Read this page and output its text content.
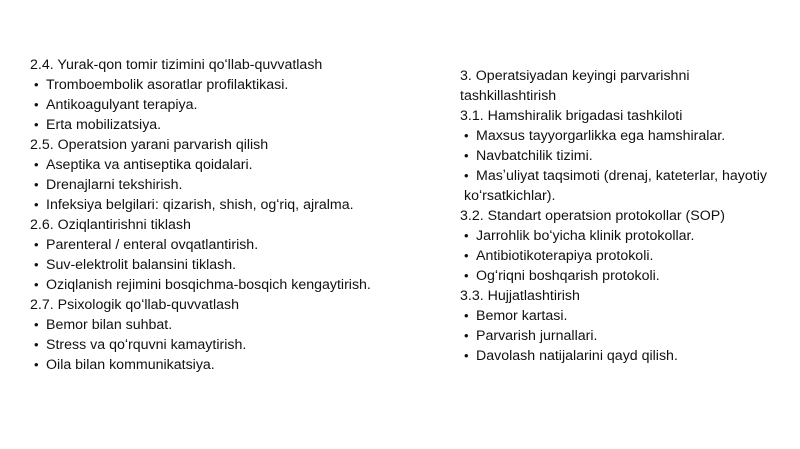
2.4. Yurak-qon tomir tizimini qoʻllab-quvvatlash
• Tromboembolik asoratlar profilaktikasi.
• Antikoagulyant terapiya.
• Erta mobilizatsiya.
2.5. Operatsion yarani parvarish qilish
• Aseptika va antiseptika qoidalari.
• Drenajlarni tekshirish.
• Infeksiya belgilari: qizarish, shish, ogʻriq, ajralma.
2.6. Oziqlantirishni tiklash
• Parenteral / enteral ovqatlantirish.
• Suv-elektrolit balansini tiklash.
• Oziqlanish rejimini bosqichma-bosqich kengaytirish.
2.7. Psixologik qoʻllab-quvvatlash
• Bemor bilan suhbat.
• Stress va qoʻrquvni kamaytirish.
• Oila bilan kommunikatsiya.
3. Operatsiyadan keyingi parvarishni tashkillashtirish
3.1. Hamshiralik brigadasi tashkiloti
• Maxsus tayyorgarlikka ega hamshiralar.
• Navbatchilik tizimi.
• Masʼuliyat taqsimoti (drenaj, kateterlar, hayotiy koʻrsatkichlar).
3.2. Standart operatsion protokollar (SOP)
• Jarrohlik boʻyicha klinik protokollar.
• Antibiotikoterapiya protokoli.
• Ogʻriqni boshqarish protokoli.
3.3. Hujjatlashtirish
• Bemor kartasi.
• Parvarish jurnallari.
• Davolash natijalarini qayd qilish.
